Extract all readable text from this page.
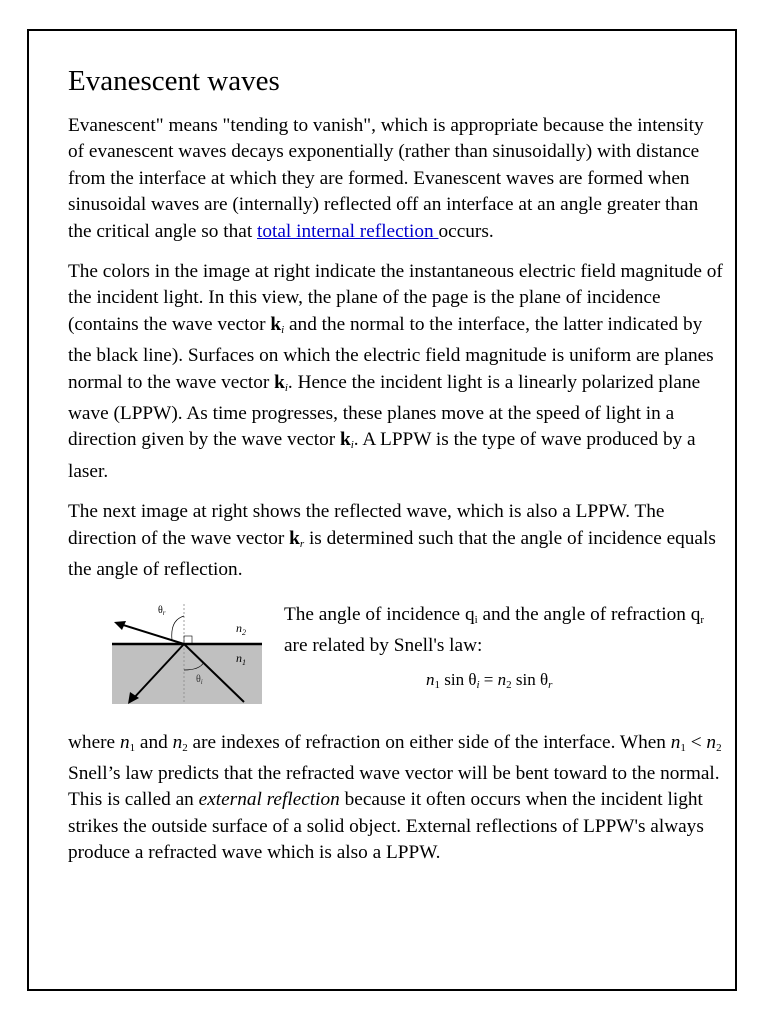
Evanescent waves

Evanescent" means "tending to vanish", which is appropriate because the intensity of evanescent waves decays exponentially (rather than sinusoidally) with distance from the interface at which they are formed. Evanescent waves are formed when sinusoidal waves are (internally) reflected off an interface at an angle greater than the critical angle so that total internal reflection occurs.

The colors in the image at right indicate the instantaneous electric field magnitude of the incident light. In this view, the plane of the page is the plane of incidence (contains the wave vector $k_i$ and the normal to the interface, the latter indicated by the black line). Surfaces on which the electric field magnitude is uniform are planes normal to the wave vector $k_i$. Hence the incident light is a linearly polarized plane wave (LPPW). As time progresses, these planes move at the speed of light in a direction given by the wave vector $k_i$. A LPPW is the type of wave produced by a laser.

The next image at right shows the reflected wave, which is also a LPPW. The direction of the wave vector $k_r$ is determined such that the angle of incidence equals the angle of reflection.

$\theta_r$
$\theta_i$
$n_2$
$n_1$

The angle of incidence $q_i$ and the angle of refraction $q_r$ are related by Snell's law:

n1 sin θi = n2 sin θr

where $n_1$ and $n_2$ are indexes of refraction on either side of the interface. When $n_1 < n_2$ Snell’s law predicts that the refracted wave vector will be bent toward to the normal. This is called an external reflection because it often occurs when the incident light strikes the outside surface of a solid object. External reflections of LPPW's always produce a refracted wave which is also a LPPW.
